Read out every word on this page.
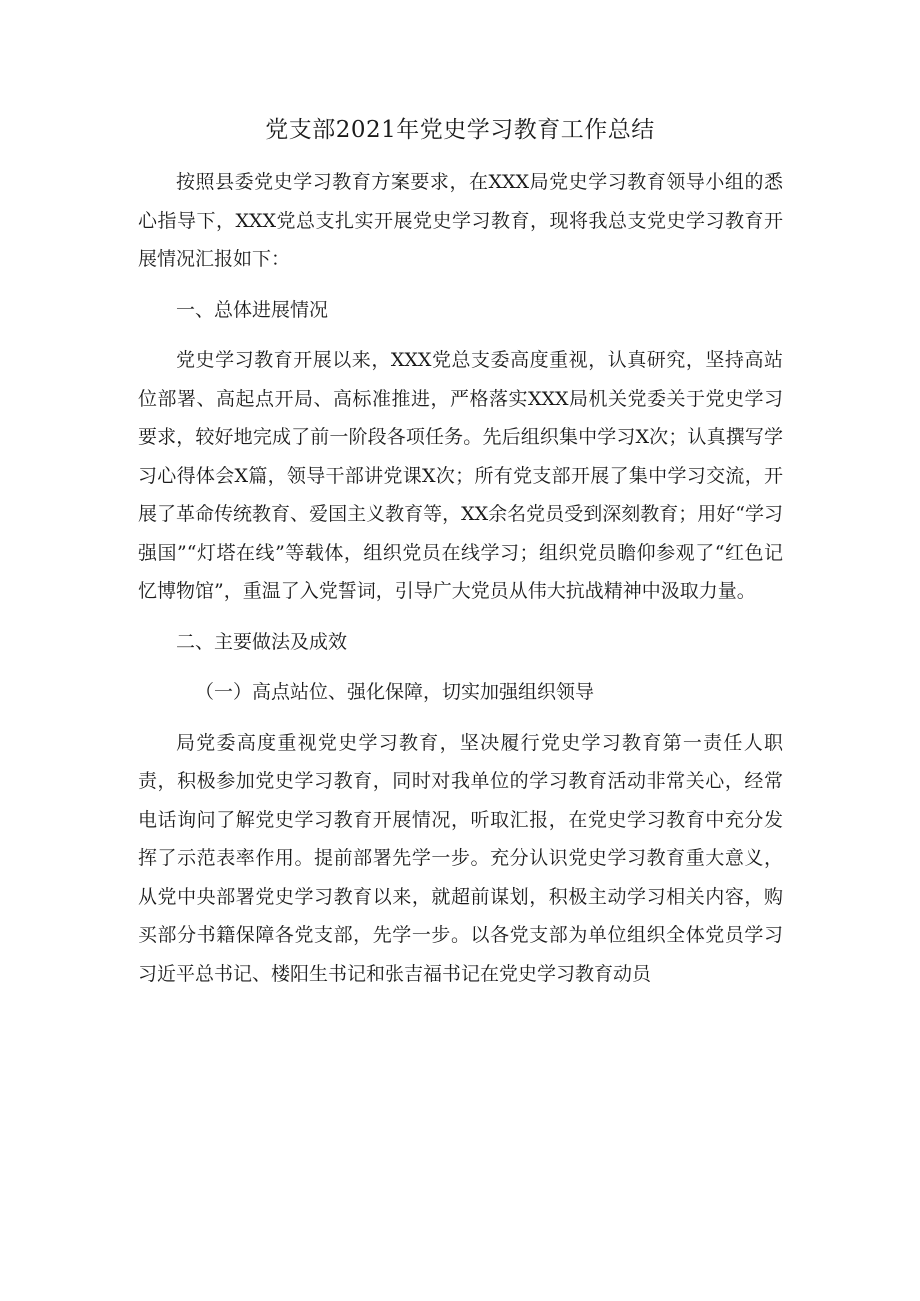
党支部2021年党史学习教育工作总结

按照县委党史学习教育方案要求，在XXX局党史学习教育领导小组的悉心指导下，XXX党总支扎实开展党史学习教育，现将我总支党史学习教育开展情况汇报如下：

一、总体进展情况

党史学习教育开展以来，XXX党总支委高度重视，认真研究，坚持高站位部署、高起点开局、高标准推进，严格落实XXX局机关党委关于党史学习要求，较好地完成了前一阶段各项任务。先后组织集中学习X次；认真撰写学习心得体会X篇，领导干部讲党课X次；所有党支部开展了集中学习交流，开展了革命传统教育、爱国主义教育等，XX余名党员受到深刻教育；用好“学习强国”“灯塔在线”等载体，组织党员在线学习；组织党员瞻仰参观了“红色记忆博物馆”，重温了入党誓词，引导广大党员从伟大抗战精神中汲取力量。

二、主要做法及成效

（一）高点站位、强化保障，切实加强组织领导

局党委高度重视党史学习教育，坚决履行党史学习教育第一责任人职责，积极参加党史学习教育，同时对我单位的学习教育活动非常关心，经常电话询问了解党史学习教育开展情况，听取汇报，在党史学习教育中充分发挥了示范表率作用。提前部署先学一步。充分认识党史学习教育重大意义，从党中央部署党史学习教育以来，就超前谋划，积极主动学习相关内容，购买部分书籍保障各党支部，先学一步。以各党支部为单位组织全体党员学习习近平总书记、楼阳生书记和张吉福书记在党史学习教育动员
